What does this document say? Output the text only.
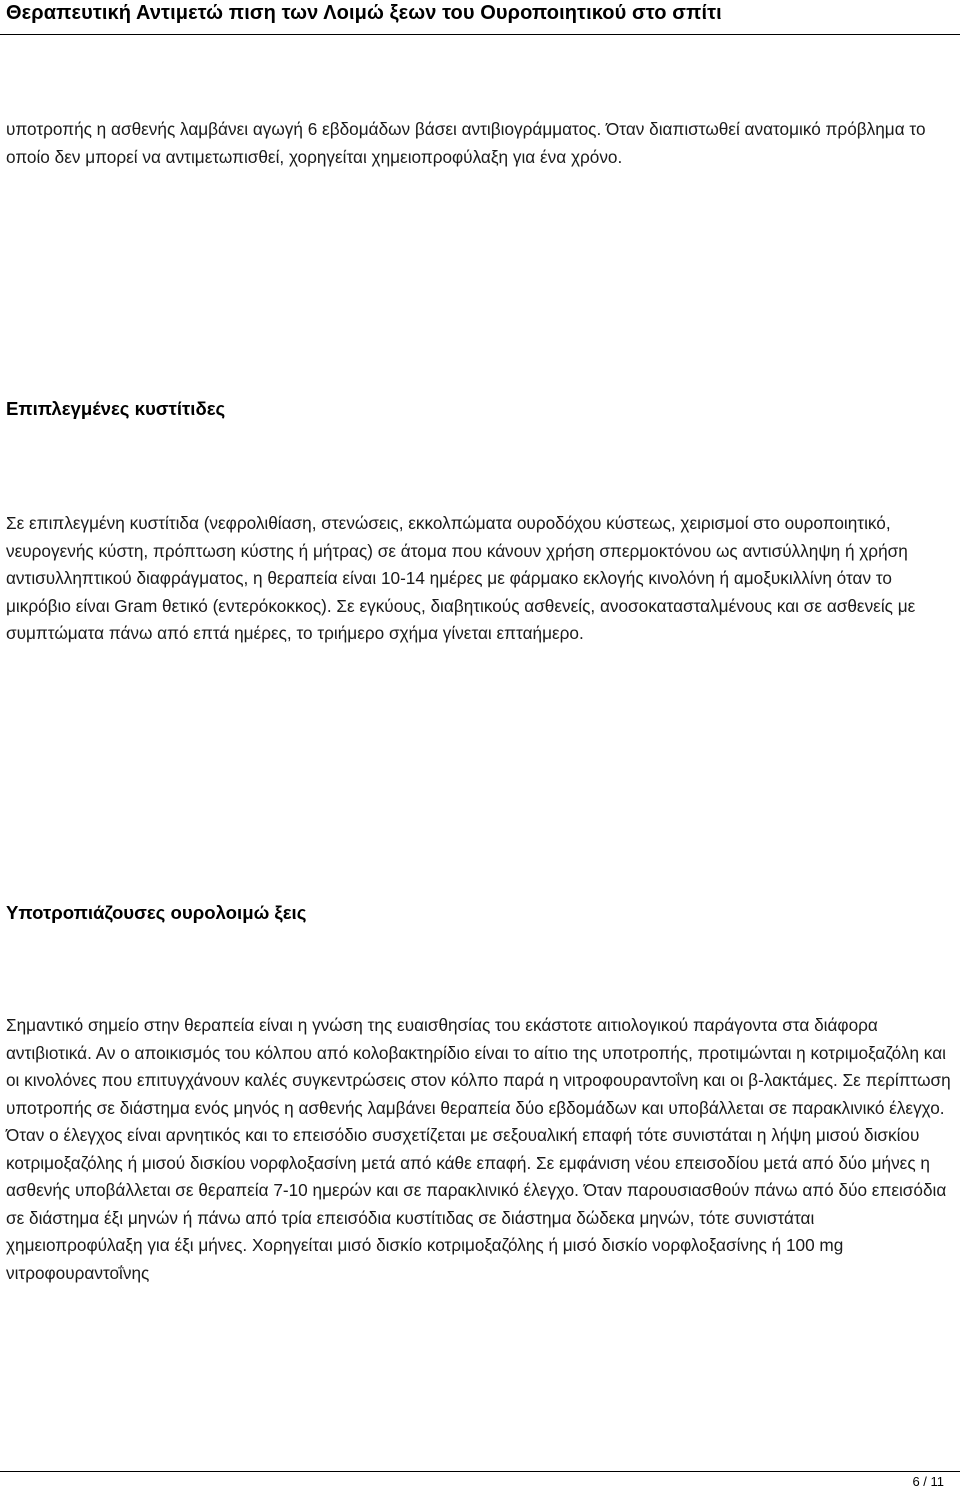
Θεραπευτική Αντιμετώ πιση των Λοιμώ ξεων του Ουροποιητικού στο σπίτι

υποτροπής η ασθενής λαμβάνει αγωγή 6 εβδομάδων βάσει αντιβιογράμματος. Όταν διαπιστωθεί ανατομικό πρόβλημα το οποίο δεν μπορεί να αντιμετωπισθεί, χορηγείται χημειοπροφύλαξη για ένα χρόνο.

Επιπλεγμένες κυστίτιδες

Σε επιπλεγμένη κυστίτιδα (νεφρολιθίαση, στενώσεις, εκκολπώματα ουροδόχου κύστεως, χειρισμοί στο ουροποιητικό, νευρογενής κύστη, πρόπτωση κύστης ή μήτρας) σε άτομα που κάνουν χρήση σπερμοκτόνου ως αντισύλληψη ή χρήση αντισυλληπτικού διαφράγματος, η θεραπεία είναι 10-14 ημέρες με φάρμακο εκλογής κινολόνη ή αμοξυκιλλίνη όταν το μικρόβιο είναι Gram θετικό (εντερόκοκκος). Σε εγκύους, διαβητικούς ασθενείς, ανοσοκατασταλμένους και σε ασθενείς με συμπτώματα πάνω από επτά ημέρες, το τριήμερο σχήμα γίνεται επταήμερο.

Υποτροπιάζουσες ουρολοιμώ ξεις

Σημαντικό σημείο στην θεραπεία είναι η γνώση της ευαισθησίας του εκάστοτε αιτιολογικού παράγοντα στα διάφορα αντιβιοτικά. Αν ο αποικισμός του κόλπου από κολοβακτηρίδιο είναι το αίτιο της υποτροπής, προτιμώνται η κοτριμοξαζόλη και οι κινολόνες που επιτυγχάνουν καλές συγκεντρώσεις στον κόλπο παρά η νιτροφουραντοΐνη και οι β-λακτάμες. Σε περίπτωση υποτροπής σε διάστημα ενός μηνός η ασθενής λαμβάνει θεραπεία δύο εβδομάδων και υποβάλλεται σε παρακλινικό έλεγχο. Όταν ο έλεγχος είναι αρνητικός και το επεισόδιο συσχετίζεται με σεξουαλική επαφή τότε συνιστάται η λήψη μισού δισκίου κοτριμοξαζόλης ή μισού δισκίου νορφλοξασίνη μετά από κάθε επαφή. Σε εμφάνιση νέου επεισοδίου μετά από δύο μήνες η ασθενής υποβάλλεται σε θεραπεία 7-10 ημερών και σε παρακλινικό έλεγχο. Όταν παρουσιασθούν πάνω από δύο επεισόδια σε διάστημα έξι μηνών ή πάνω από τρία επεισόδια κυστίτιδας σε διάστημα δώδεκα μηνών, τότε συνιστάται χημειοπροφύλαξη για έξι μήνες. Χορηγείται μισό δισκίο κοτριμοξαζόλης ή μισό δισκίο νορφλοξασίνης ή 100 mg νιτροφουραντοΐνης

6 / 11
